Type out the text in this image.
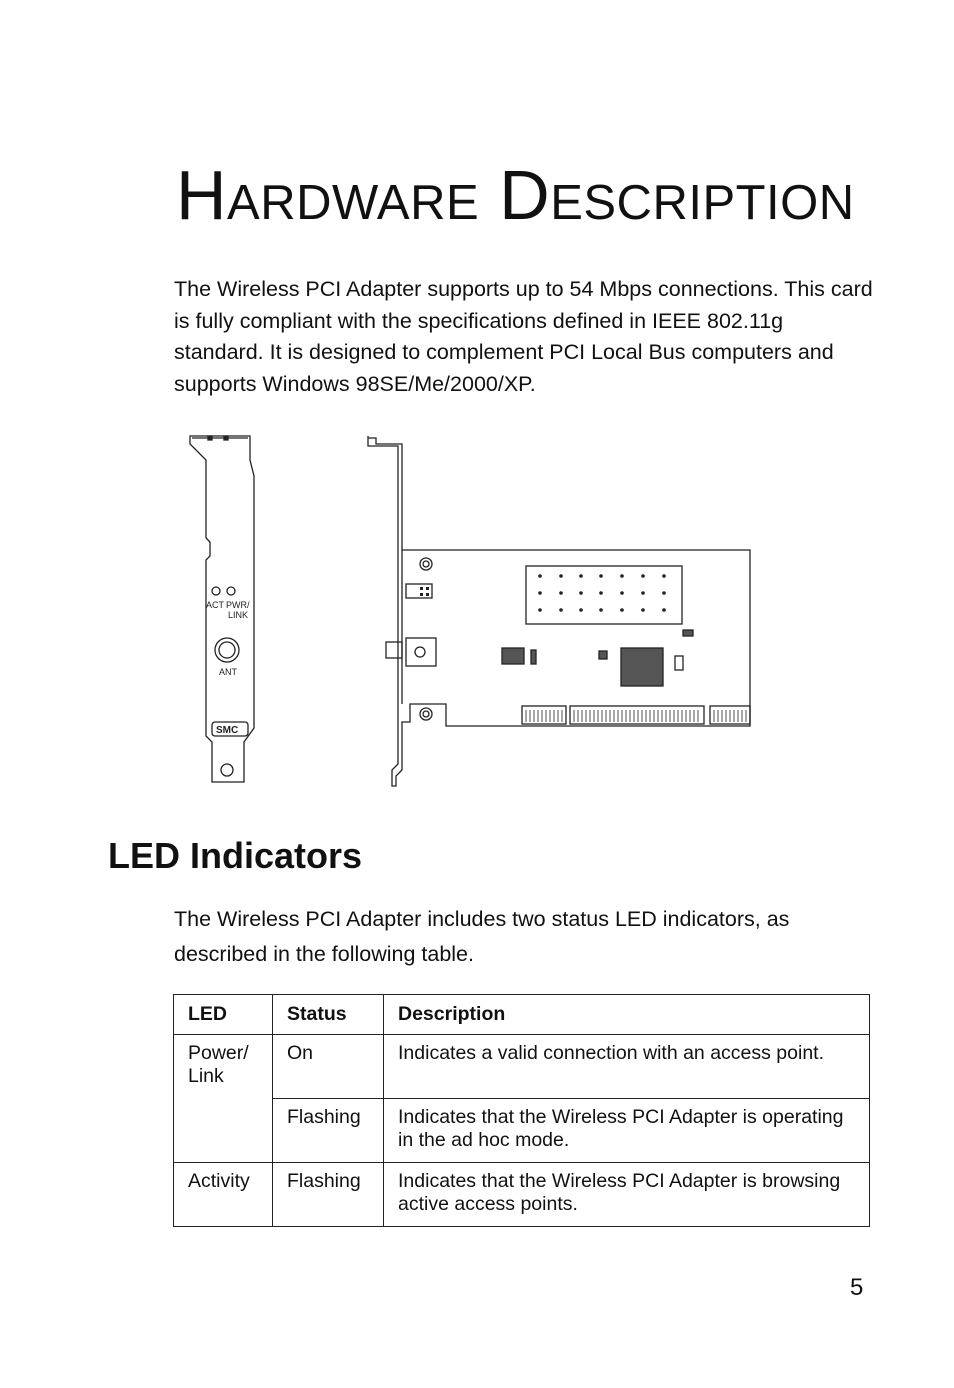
Hardware Description

The Wireless PCI Adapter supports up to 54 Mbps connections. This card is fully compliant with the specifications defined in IEEE 802.11g standard. It is designed to complement PCI Local Bus computers and supports Windows 98SE/Me/2000/XP.

ACT PWR/
LINK
ANT
SMC
LED Indicators

The Wireless PCI Adapter includes two status LED indicators, as described in the following table.

LED	Status	Description
Power/ Link	On	Indicates a valid connection with an access point.
	Flashing	Indicates that the Wireless PCI Adapter is operating in the ad hoc mode.
Activity	Flashing	Indicates that the Wireless PCI Adapter is browsing active access points.
5
